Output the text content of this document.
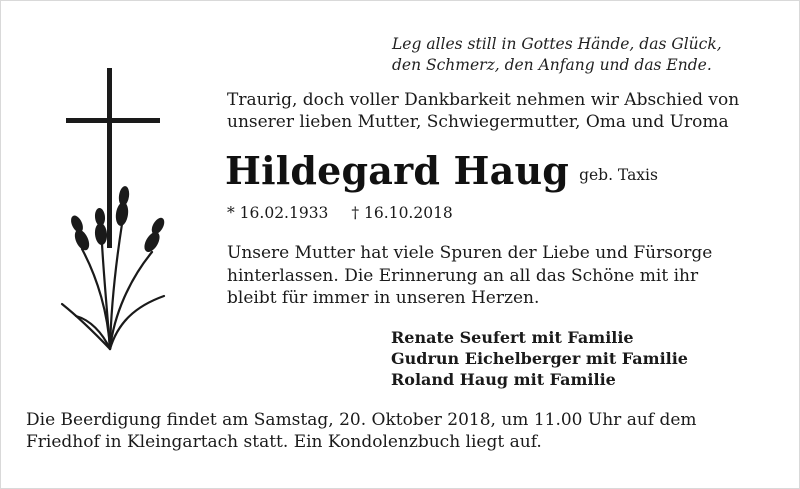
Leg alles still in Gottes Hände, das Glück,
den Schmerz, den Anfang und das Ende.
Traurig, doch voller Dankbarkeit nehmen wir Abschied von
unserer lieben Mutter, Schwiegermutter, Oma und Uroma
Hildegard Haug geb. Taxis
* 16.02.1933 † 16.10.2018
Unsere Mutter hat viele Spuren der Liebe und Fürsorge
hinterlassen. Die Erinnerung an all das Schöne mit ihr
bleibt für immer in unseren Herzen.
Renate Seufert mit Familie
Gudrun Eichelberger mit Familie
Roland Haug mit Familie
Die Beerdigung findet am Samstag, 20. Oktober 2018, um 11.00 Uhr auf dem
Friedhof in Kleingartach statt. Ein Kondolenzbuch liegt auf.
